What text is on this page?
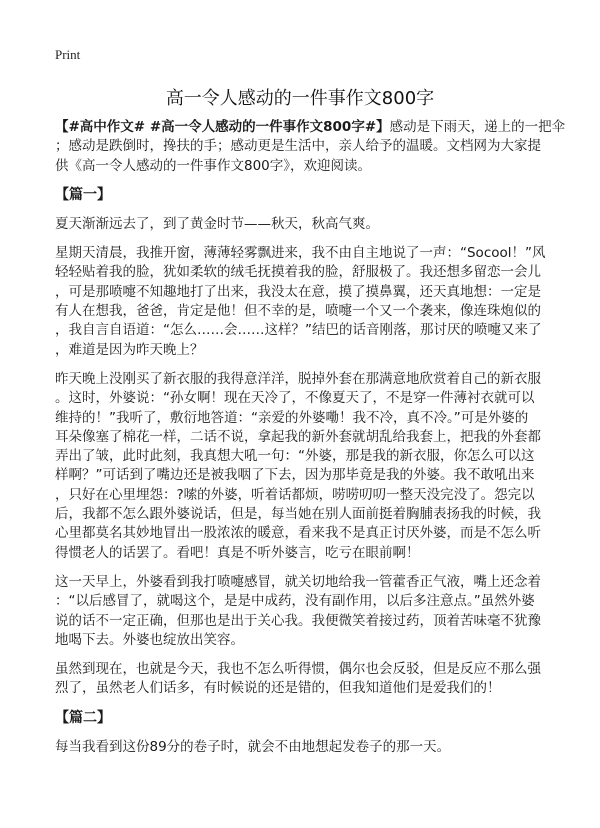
Print
高一令人感动的一件事作文800字

【#高中作文# #高一令人感动的一件事作文800字#】感动是下雨天，递上的一把伞
；感动是跌倒时，搀扶的手；感动更是生活中，亲人给予的温暖。文档网为大家提
供《高一令人感动的一件事作文800字》，欢迎阅读。

【篇一】

夏天渐渐远去了，到了黄金时节——秋天，秋高气爽。

星期天清晨，我推开窗，薄薄轻雾飘进来，我不由自主地说了一声：“Socool！”风
轻轻贴着我的脸，犹如柔软的绒毛抚摸着我的脸，舒服极了。我还想多留恋一会儿
，可是那喷嚏不知趣地打了出来，我没太在意，摸了摸鼻翼，还天真地想：一定是
有人在想我，爸爸，肯定是他！但不幸的是，喷嚏一个又一个袭来，像连珠炮似的
，我自言自语道：“怎么……会……这样？”结巴的话音刚落，那讨厌的喷嚏又来了
，难道是因为昨天晚上？

昨天晚上没刚买了新衣服的我得意洋洋，脱掉外套在那满意地欣赏着自己的新衣服
。这时，外婆说：“孙女啊！现在天冷了，不像夏天了，不是穿一件薄衬衣就可以
维持的！”我听了，敷衍地答道：“亲爱的外婆嘞！我不冷，真不冷。”可是外婆的
耳朵像塞了棉花一样，二话不说，拿起我的新外套就胡乱给我套上，把我的外套都
弄出了皱，此时此刻，我真想大吼一句：“外婆，那是我的新衣服，你怎么可以这
样啊？”可话到了嘴边还是被我咽了下去，因为那毕竟是我的外婆。我不敢吼出来
，只好在心里埋怨：?嗦的外婆，听着话都烦，唠唠叨叨一整天没完没了。怨完以
后，我都不怎么跟外婆说话，但是，每当她在别人面前挺着胸脯表扬我的时候，我
心里都莫名其妙地冒出一股浓浓的暖意，看来我不是真正讨厌外婆，而是不怎么听
得惯老人的话罢了。看吧！真是不听外婆言，吃亏在眼前啊！

这一天早上，外婆看到我打喷嚏感冒，就关切地给我一管藿香正气液，嘴上还念着
：“以后感冒了，就喝这个，是是中成药，没有副作用，以后多注意点。”虽然外婆
说的话不一定正确，但那也是出于关心我。我便微笑着接过药，顶着苦味毫不犹豫
地喝下去。外婆也绽放出笑容。

虽然到现在，也就是今天，我也不怎么听得惯，偶尔也会反驳，但是反应不那么强
烈了，虽然老人们话多，有时候说的还是错的，但我知道他们是爱我们的！

【篇二】

每当我看到这份89分的卷子时，就会不由地想起发卷子的那一天。
